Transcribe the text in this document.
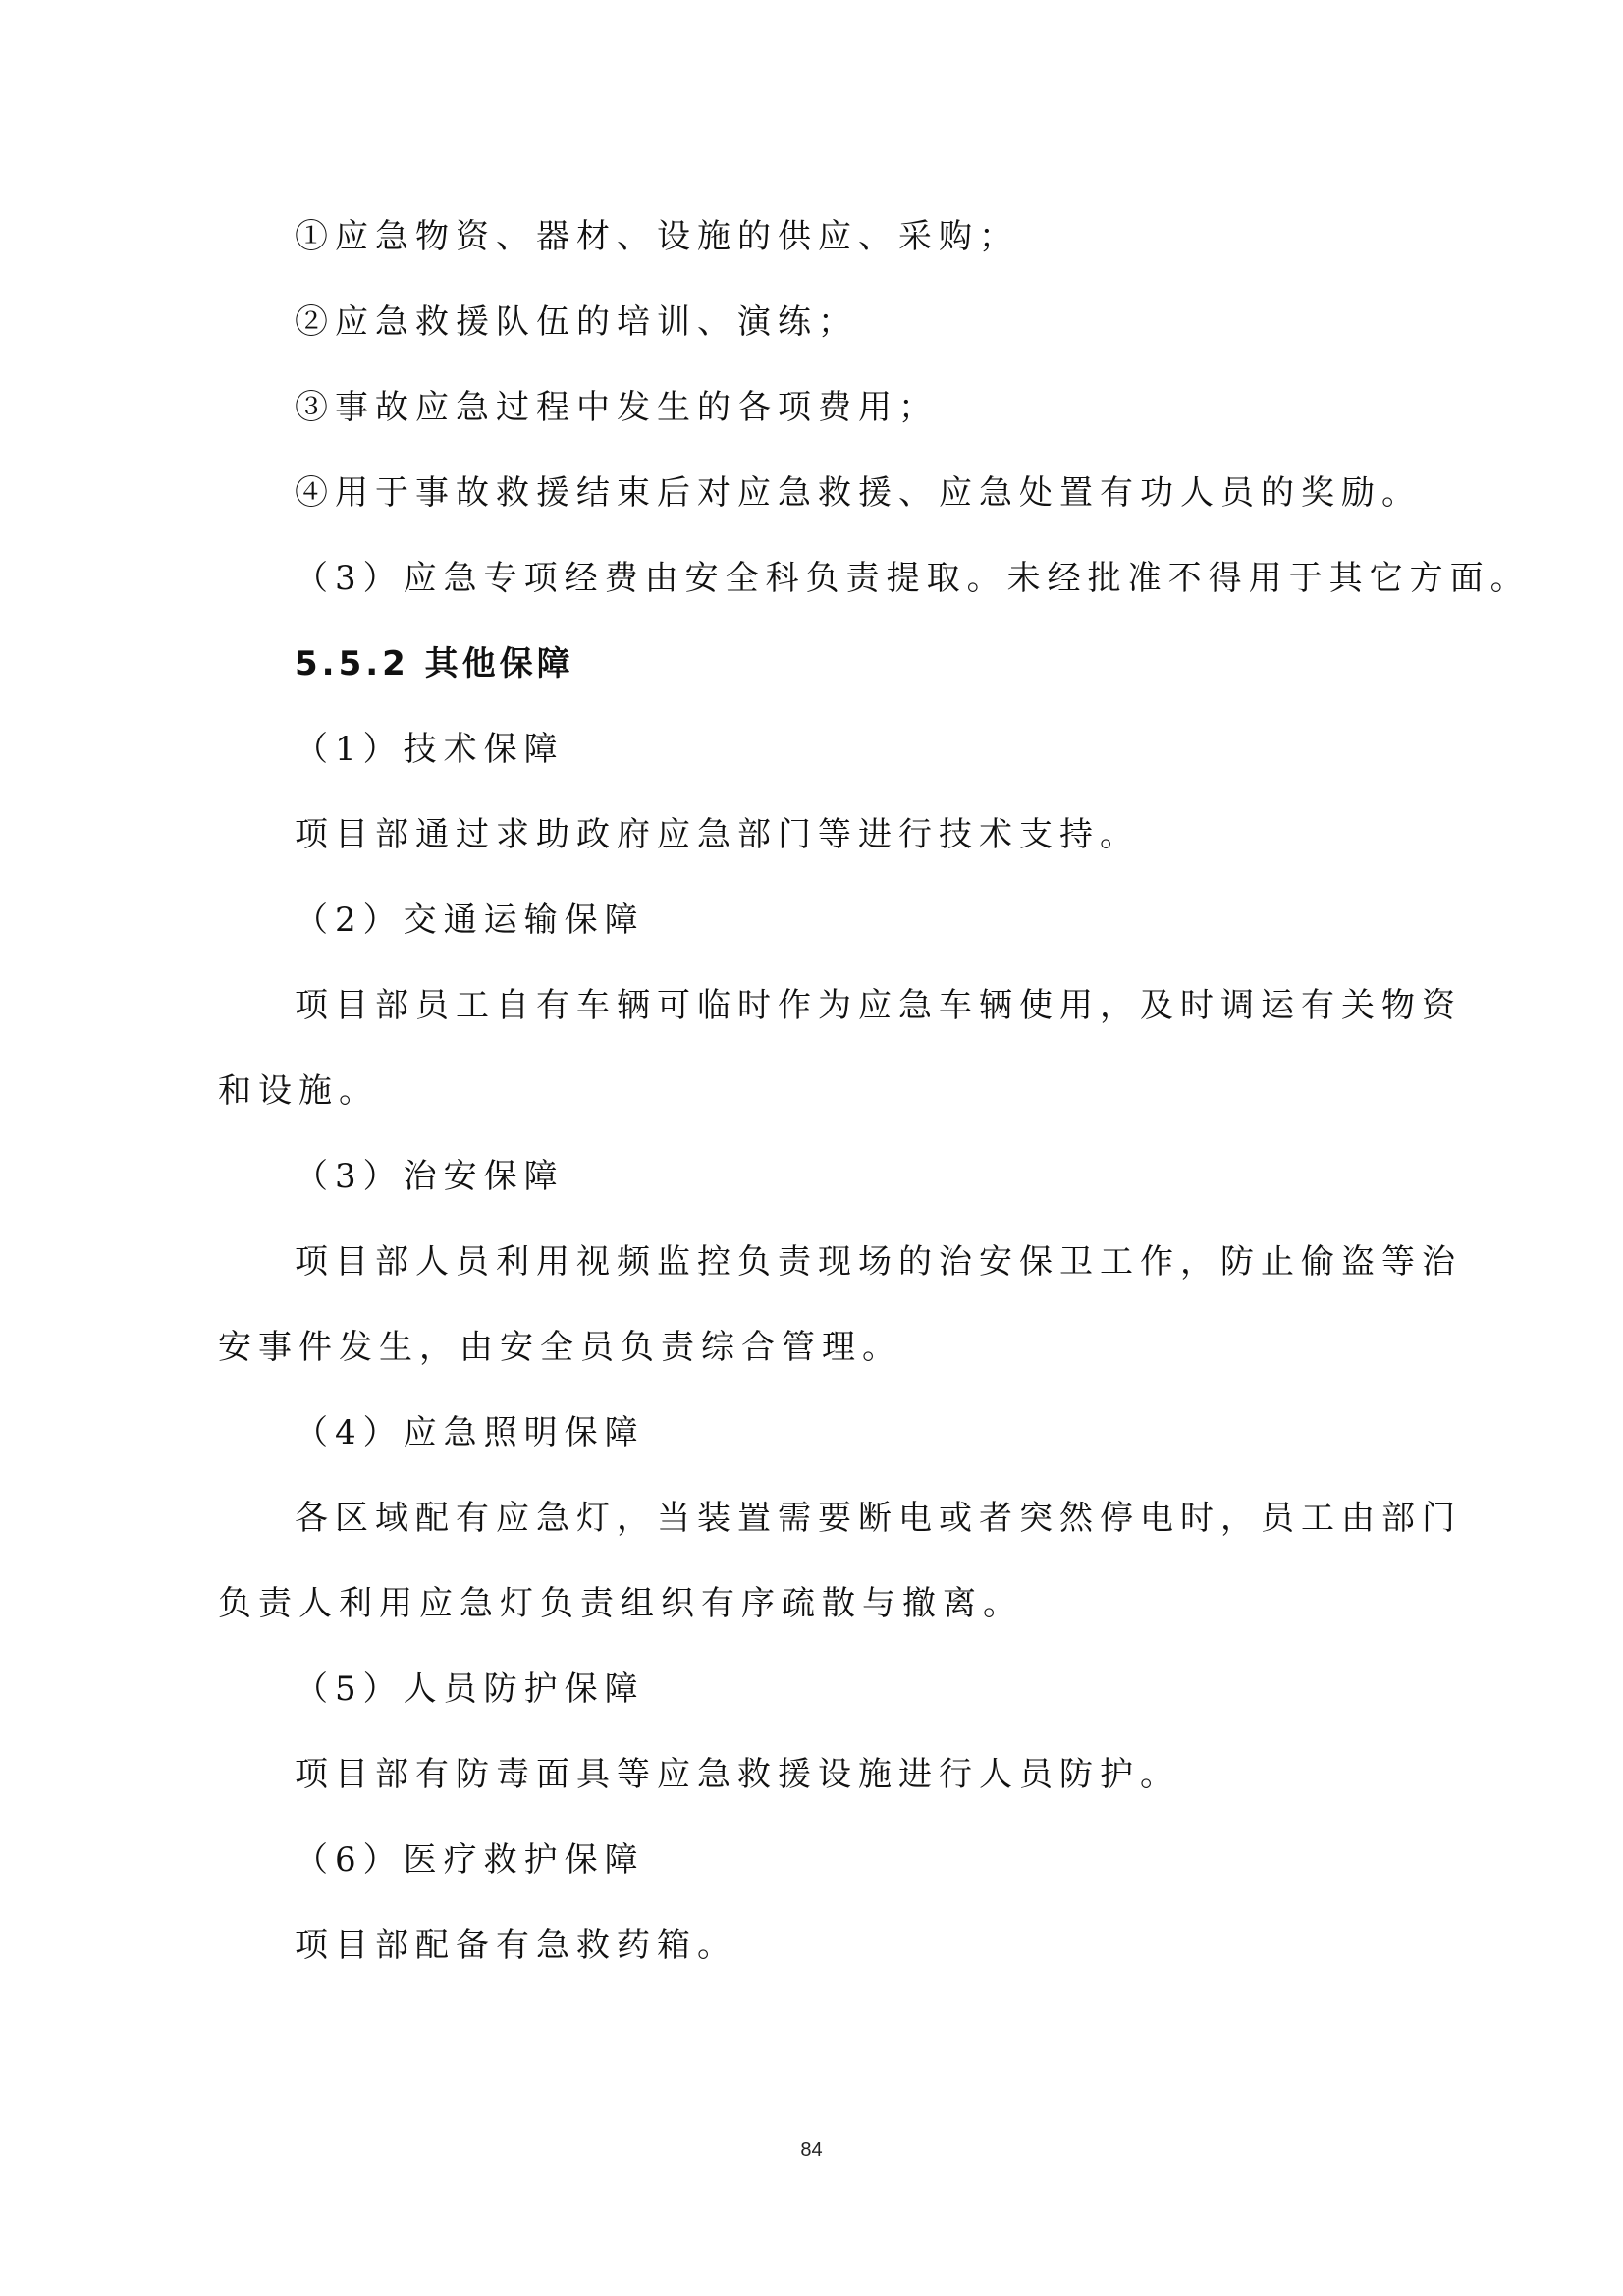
①应急物资、器材、设施的供应、采购；

②应急救援队伍的培训、演练；

③事故应急过程中发生的各项费用；

④用于事故救援结束后对应急救援、应急处置有功人员的奖励。

（3）应急专项经费由安全科负责提取。未经批准不得用于其它方面。

5.5.2 其他保障

（1）技术保障

项目部通过求助政府应急部门等进行技术支持。

（2）交通运输保障

项目部员工自有车辆可临时作为应急车辆使用，及时调运有关物资

和设施。

（3）治安保障

项目部人员利用视频监控负责现场的治安保卫工作，防止偷盗等治

安事件发生，由安全员负责综合管理。

（4）应急照明保障

各区域配有应急灯，当装置需要断电或者突然停电时，员工由部门

负责人利用应急灯负责组织有序疏散与撤离。

（5）人员防护保障

项目部有防毒面具等应急救援设施进行人员防护。

（6）医疗救护保障

项目部配备有急救药箱。

84
